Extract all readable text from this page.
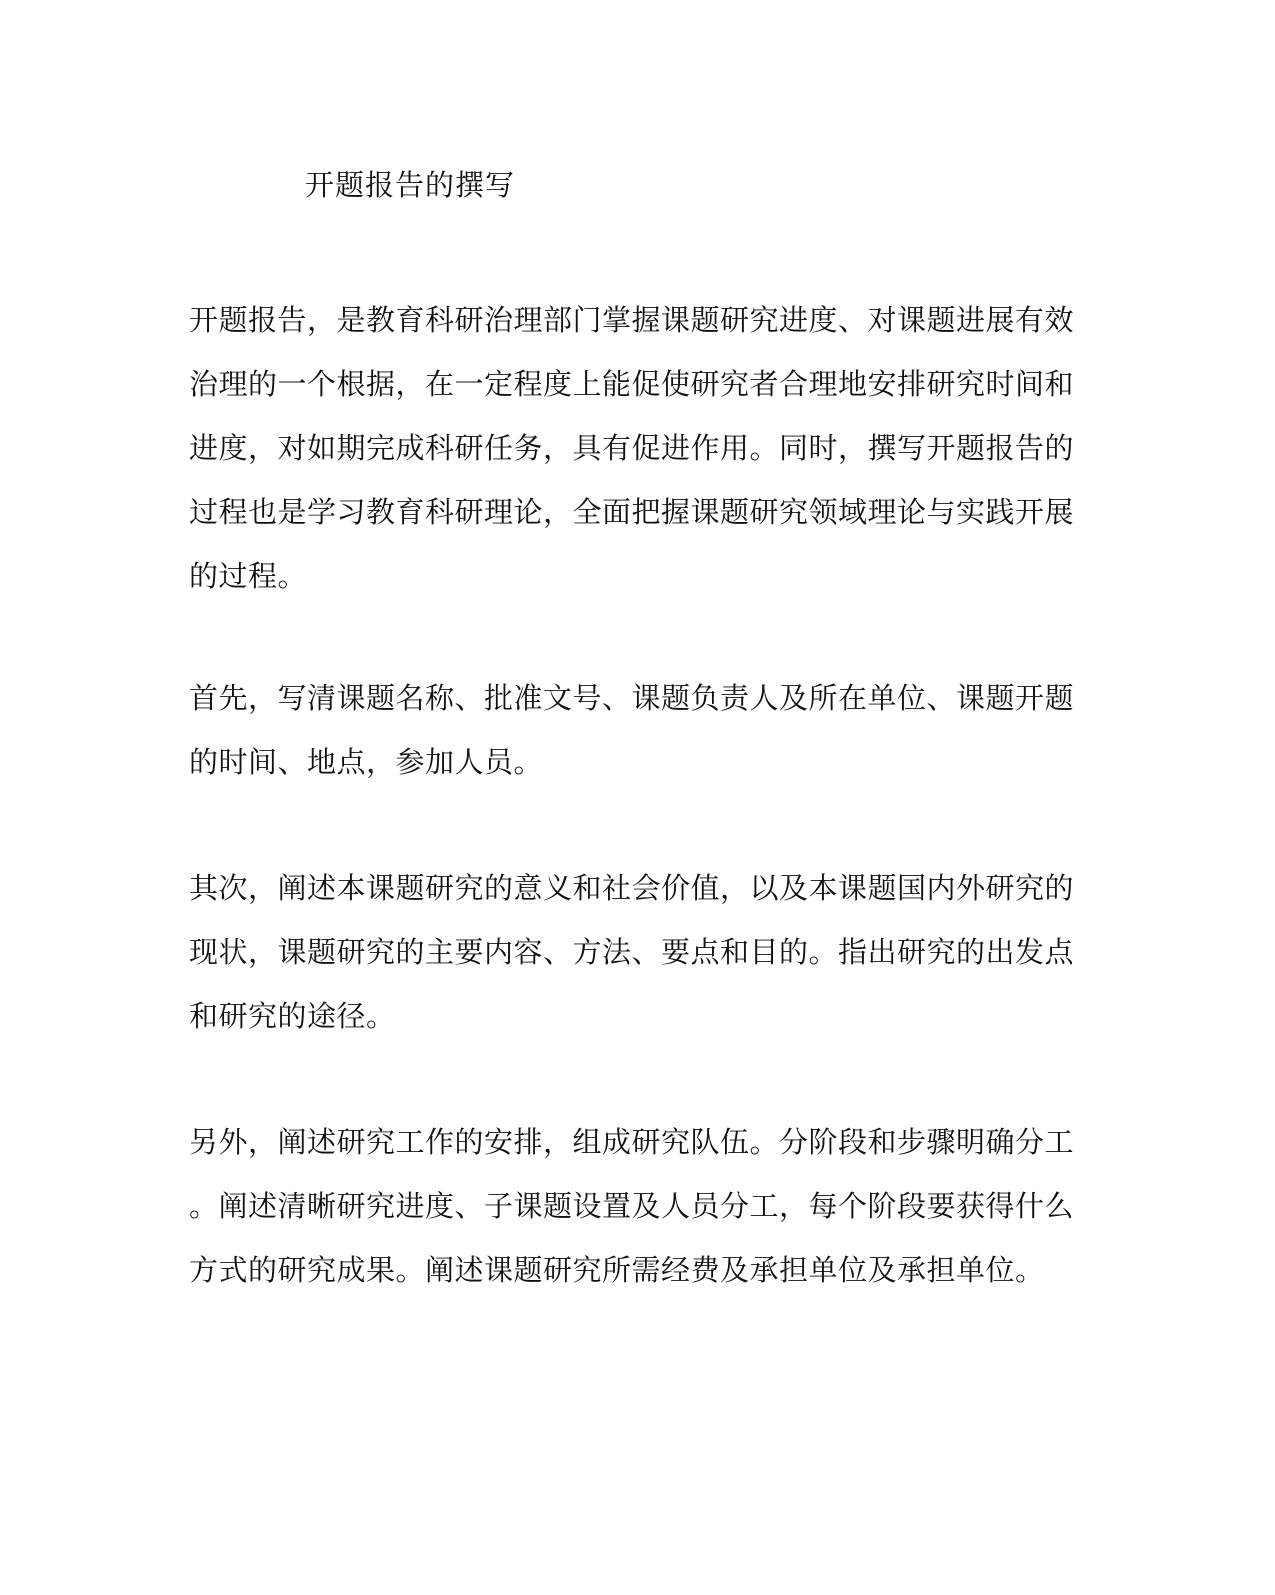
开题报告的撰写
开题报告，是教育科研治理部门掌握课题研究进度、对课题进展有效
治理的一个根据，在一定程度上能促使研究者合理地安排研究时间和
进度，对如期完成科研任务，具有促进作用。同时，撰写开题报告的
过程也是学习教育科研理论，全面把握课题研究领域理论与实践开展
的过程。
首先，写清课题名称、批准文号、课题负责人及所在单位、课题开题
的时间、地点，参加人员。
其次，阐述本课题研究的意义和社会价值，以及本课题国内外研究的
现状，课题研究的主要内容、方法、要点和目的。指出研究的出发点
和研究的途径。
另外，阐述研究工作的安排，组成研究队伍。分阶段和步骤明确分工
。阐述清晰研究进度、子课题设置及人员分工，每个阶段要获得什么
方式的研究成果。阐述课题研究所需经费及承担单位及承担单位。
